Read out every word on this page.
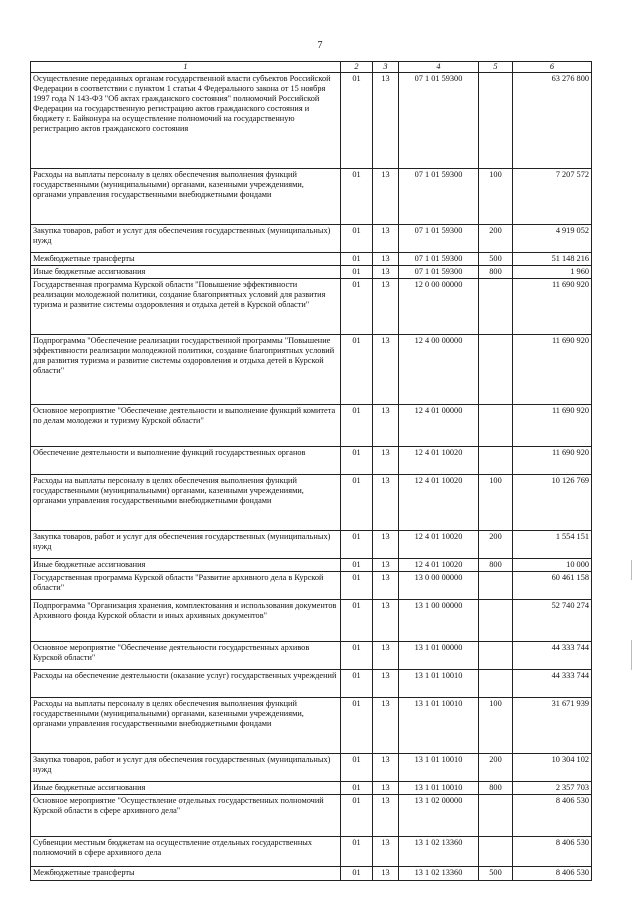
7
1	2	3	4	5	6
Осуществление переданных органам государственной власти субъектов Российской Федерации в соответствии с пунктом 1 статьи 4 Федерального закона от 15 ноября 1997 года N 143-ФЗ "Об актах гражданского состояния" полномочий Российской Федерации на государственную регистрацию актов гражданского состояния и бюджету г. Байконура на осуществление полномочий на государственную регистрацию актов гражданского состояния	01	13	07 1 01 59300		63 276 800
Расходы на выплаты персоналу в целях обеспечения выполнения функций государственными (муниципальными) органами, казенными учреждениями, органами управления государственными внебюджетными фондами	01	13	07 1 01 59300	100	7 207 572
Закупка товаров, работ и услуг для обеспечения государственных (муниципальных) нужд	01	13	07 1 01 59300	200	4 919 052
Межбюджетные трансферты	01	13	07 1 01 59300	500	51 148 216
Иные бюджетные ассигнования	01	13	07 1 01 59300	800	1 960
Государственная программа Курской области "Повышение эффективности реализации молодежной политики, создание благоприятных условий для развития туризма и развитие системы оздоровления и отдыха детей в Курской области"	01	13	12 0 00 00000		11 690 920
Подпрограмма "Обеспечение реализации государственной программы "Повышение эффективности реализации молодежной политики, создание благоприятных условий для развития туризма и развитие системы оздоровления и отдыха детей в Курской области"	01	13	12 4 00 00000		11 690 920
Основное мероприятие "Обеспечение деятельности и выполнение функций комитета по делам молодежи и туризму Курской области"	01	13	12 4 01 00000		11 690 920
Обеспечение деятельности и выполнение функций государственных органов	01	13	12 4 01 10020		11 690 920
Расходы на выплаты персоналу в целях обеспечения выполнения функций государственными (муниципальными) органами, казенными учреждениями, органами управления государственными внебюджетными фондами	01	13	12 4 01 10020	100	10 126 769
Закупка товаров, работ и услуг для обеспечения государственных (муниципальных) нужд	01	13	12 4 01 10020	200	1 554 151
Иные бюджетные ассигнования	01	13	12 4 01 10020	800	10 000
Государственная программа Курской области "Развитие архивного дела в Курской области"	01	13	13 0 00 00000		60 461 158
Подпрограмма "Организация хранения, комплектования и использования документов Архивного фонда Курской области и иных архивных документов"	01	13	13 1 00 00000		52 740 274
Основное мероприятие "Обеспечение деятельности государственных архивов Курской области"	01	13	13 1 01 00000		44 333 744
Расходы на обеспечение деятельности (оказание услуг) государственных учреждений	01	13	13 1 01 10010		44 333 744
Расходы на выплаты персоналу в целях обеспечения выполнения функций государственными (муниципальными) органами, казенными учреждениями, органами управления государственными внебюджетными фондами	01	13	13 1 01 10010	100	31 671 939
Закупка товаров, работ и услуг для обеспечения государственных (муниципальных) нужд	01	13	13 1 01 10010	200	10 304 102
Иные бюджетные ассигнования	01	13	13 1 01 10010	800	2 357 703
Основное мероприятие "Осуществление отдельных государственных полномочий Курской области в сфере архивного дела"	01	13	13 1 02 00000		8 406 530
Субвенции местным бюджетам на осуществление отдельных государственных полномочий в сфере архивного дела	01	13	13 1 02 13360		8 406 530
Межбюджетные трансферты	01	13	13 1 02 13360	500	8 406 530
